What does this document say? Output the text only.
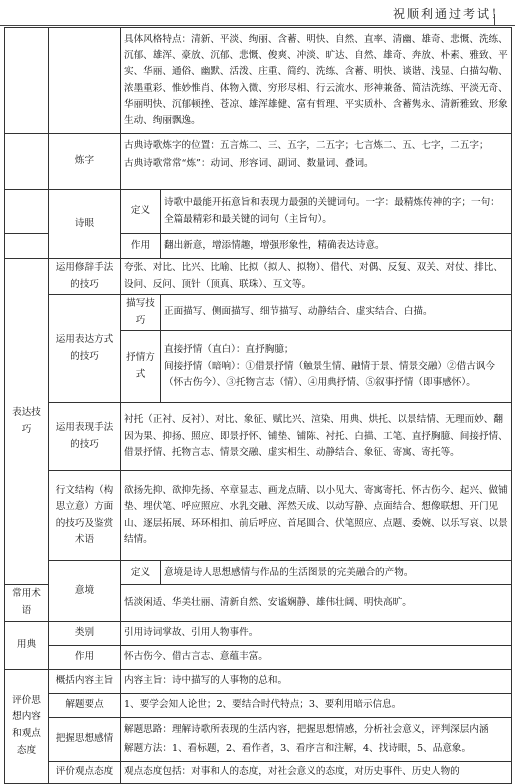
祝顺利通过考试！
		具体风格特点：清新、平淡、绚丽、含蓄、明快、自然、直率、清幽、雄奇、悲慨、洗练、沉郁、雄浑、豪放、沉郁、悲慨、俊爽、冲淡、旷达、自然、雄奇、奔放、朴素、雅致、平实、华丽、通俗、幽默、活泼、庄重、简约、洗练、含蓄、明快、谈谐、浅显、白描勾勒、浓墨重彩、惟妙惟肖、体物入微、穷形尽相、行云流水、形神兼备、简洁洗练、平淡无奇、华丽明快、沉郁顿挫、苍凉、雄浑雄健、富有哲理、平实质朴、含蓄隽永、清新雅致、形象生动、绚丽飘逸。	
	炼字	古典诗歌炼字的位置：五言炼二、三、五字，二五字；七言炼二、五、七字，二五字；
古典诗歌常常“炼”：动词、形容词、副词、数量词、叠词。	

	诗眼	定义	诗歌中最能开拓意旨和表现力最强的关键词句。一字：最精炼传神的字；一句：全篇最精彩和最关键的词句（主旨句）。
		作用	翻出新意，增添情趣，增强形象性，精确表达诗意。
表达技巧	运用修辞手法的技巧	夸张、对比、比兴、比喻、比拟（拟人、拟物）、借代、对偶、反复、双关、对仗、排比、设问、反问、顶针（顶真、联珠）、互文等。	
	运用表达方式的技巧	描写技巧	正面描写、侧面描写、细节描写、动静结合、虚实结合、白描。
		抒情方式	直接抒情（直白）：直抒胸臆；
间接抒情（暗响）：①借景抒情（触景生情、融情于景、情景交融）②借古讽今（怀古伤今）、③托物言志（情）、④用典抒情、⑤叙事抒情（即事感怀）。

	运用表现手法的技巧	衬托（正衬、反衬）、对比、象征、赋比兴、渲染、用典、烘托、以景结情、无理而妙、翻因为果、抑扬、照应、即景抒怀、铺垫、铺陈、衬托、白描、工笔、直抒胸臆、间接抒情、借景抒情、托物言志、情景交融、虚实相生、动静结合、象征、寄寓、寄托等。	
	行文结构（构思立意）方面的技巧及鉴赏术语	欲扬先抑、欲抑先扬、卒章显志、画龙点睛、以小见大、寄寓寄托、怀古伤今、起兴、做铺垫、埋伏笔、呼应照应、水乳交融、浑然天成、以动写静、点面结合、想像联想、开门见山、逐层拓展、环环相扣、前后呼应、首尾圆合、伏笔照应、点题、委婉、以乐写哀、以景结情。	
	意境	定义	意境是诗人思想感情与作品的生活图景的完美融合的产物。
常用术语		恬淡闲适、华美壮丽、清新自然、安谧娴静、雄伟壮阔、明快高旷。	
用典	类别	引用诗词掌故、引用人物事件。	
	作用	怀古伤今、借古言志、意蕴丰富。	
评价思想内容和观点态度	概括内容主旨	内容主旨：诗中描写的人事物的总和。	
	解题要点	1、要学会知人论世；2、要结合时代特点；3、要利用暗示信息。	
	把握思想感情	解题思路：理解诗歌所表现的生活内容，把握思想情感，分析社会意义，评判深层内涵
解题方法：1、看标题，2、看作者，3、看序言和注解，4、找诗眼，5、品意象。	

	评价观点态度	观点态度包括：对事和人的态度，对社会意义的态度，对历史事件、历史人物的	
